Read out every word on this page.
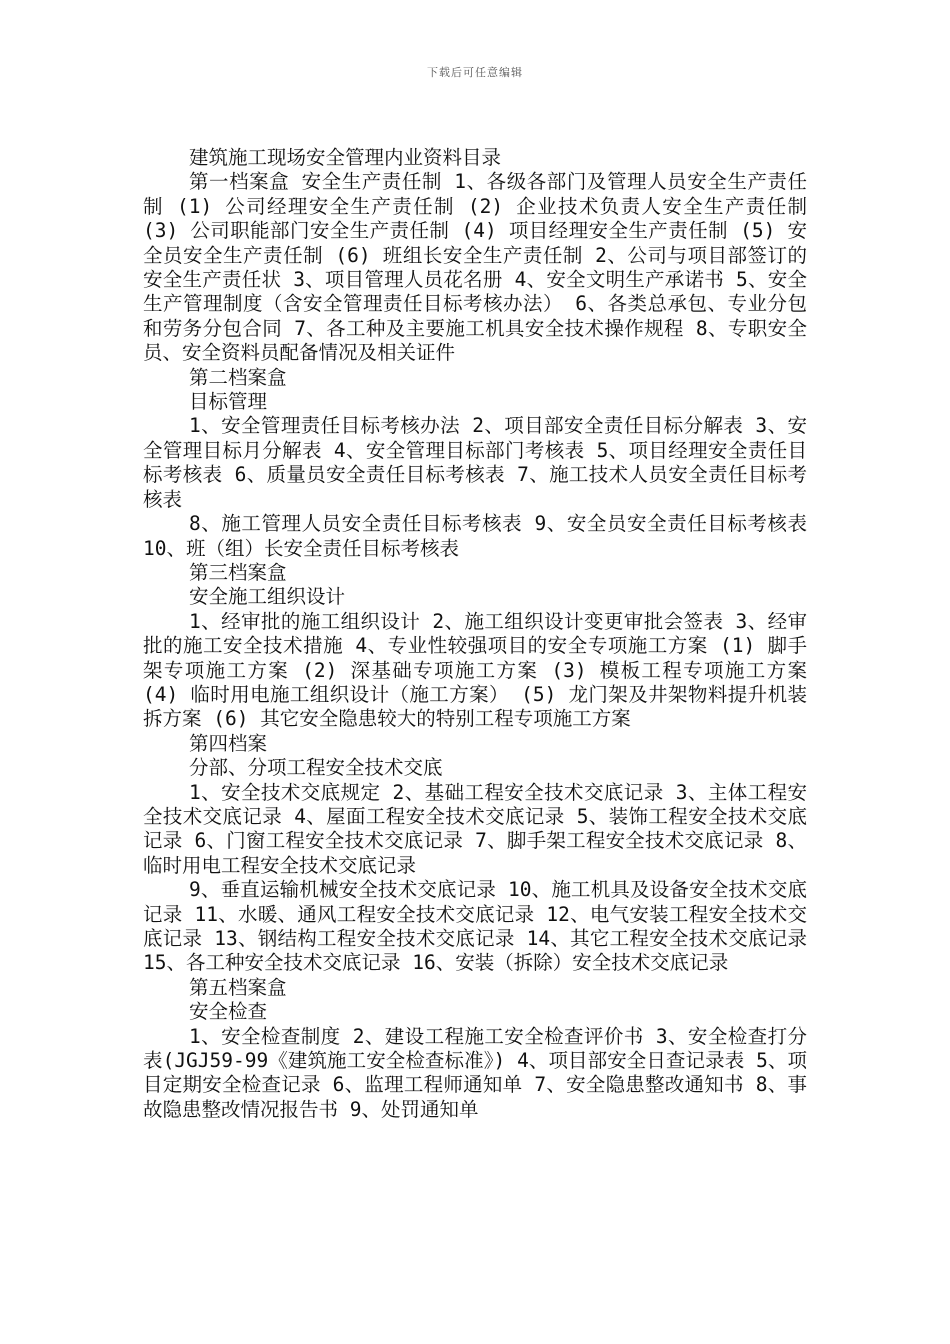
下载后可任意编辑

建筑施工现场安全管理内业资料目录

第一档案盒 安全生产责任制 1、各级各部门及管理人员安全生产责任制 (1) 公司经理安全生产责任制 (2) 企业技术负责人安全生产责任制 (3) 公司职能部门安全生产责任制 (4) 项目经理安全生产责任制 (5) 安全员安全生产责任制 (6) 班组长安全生产责任制 2、公司与项目部签订的安全生产责任状 3、项目管理人员花名册 4、安全文明生产承诺书 5、安全生产管理制度（含安全管理责任目标考核办法） 6、各类总承包、专业分包和劳务分包合同 7、各工种及主要施工机具安全技术操作规程 8、专职安全员、安全资料员配备情况及相关证件

第二档案盒

目标管理

1、安全管理责任目标考核办法 2、项目部安全责任目标分解表 3、安全管理目标月分解表 4、安全管理目标部门考核表 5、项目经理安全责任目标考核表 6、质量员安全责任目标考核表 7、施工技术人员安全责任目标考核表

8、施工管理人员安全责任目标考核表 9、安全员安全责任目标考核表 10、班（组）长安全责任目标考核表

第三档案盒

安全施工组织设计

1、经审批的施工组织设计 2、施工组织设计变更审批会签表 3、经审批的施工安全技术措施 4、专业性较强项目的安全专项施工方案 (1) 脚手架专项施工方案 (2) 深基础专项施工方案 (3) 模板工程专项施工方案 (4) 临时用电施工组织设计（施工方案） (5) 龙门架及井架物料提升机装拆方案 (6) 其它安全隐患较大的特别工程专项施工方案

第四档案

分部、分项工程安全技术交底

1、安全技术交底规定 2、基础工程安全技术交底记录 3、主体工程安全技术交底记录 4、屋面工程安全技术交底记录 5、装饰工程安全技术交底记录 6、门窗工程安全技术交底记录 7、脚手架工程安全技术交底记录 8、临时用电工程安全技术交底记录

9、垂直运输机械安全技术交底记录 10、施工机具及设备安全技术交底记录 11、水暖、通风工程安全技术交底记录 12、电气安装工程安全技术交底记录 13、钢结构工程安全技术交底记录 14、其它工程安全技术交底记录 15、各工种安全技术交底记录 16、安装（拆除）安全技术交底记录

第五档案盒

安全检查

1、安全检查制度 2、建设工程施工安全检查评价书 3、安全检查打分表(JGJ59-99《建筑施工安全检查标准》) 4、项目部安全日查记录表 5、项目定期安全检查记录 6、监理工程师通知单 7、安全隐患整改通知书 8、事故隐患整改情况报告书 9、处罚通知单
